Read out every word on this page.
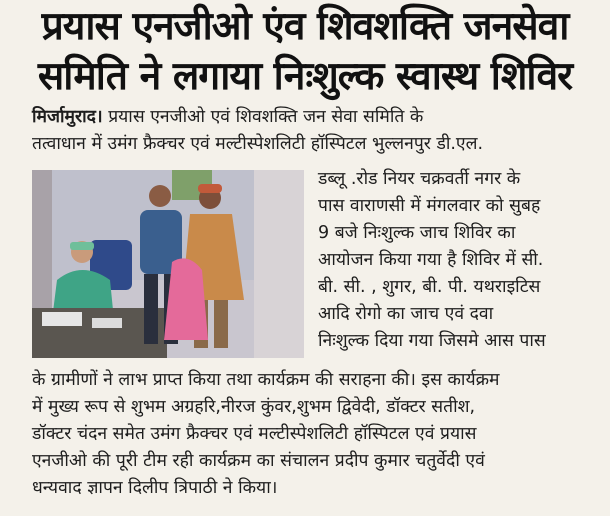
प्रयास एनजीओ एंव शिवशक्ति जनसेवा
समिति ने लगाया निःशुल्क स्वास्थ शिविर
मिर्जामुराद। प्रयास एनजीओ एवं शिवशक्ति जन सेवा समिति के
तत्वाधान में उमंग फ्रैक्चर एवं मल्टीस्पेशलिटी हॉस्पिटल भुल्लनपुर डी.एल.
डब्लू .रोड नियर चक्रवर्ती नगर के
पास वाराणसी में मंगलवार को सुबह
9 बजे निःशुल्क जाच शिविर का
आयोजन किया गया है शिविर में सी.
बी. सी. , शुगर, बी. पी. यथराइटिस
आदि रोगो का जाच एवं दवा
निःशुल्क दिया गया जिसमे आस पास
के ग्रामीणों ने लाभ प्राप्त किया तथा कार्यक्रम की सराहना की। इस कार्यक्रम
में मुख्य रूप से शुभम अग्रहरि,नीरज कुंवर,शुभम द्विवेदी, डॉक्टर सतीश,
डॉक्टर चंदन समेत उमंग फ्रैक्चर एवं मल्टीस्पेशलिटी हॉस्पिटल एवं प्रयास
एनजीओ की पूरी टीम रही कार्यक्रम का संचालन प्रदीप कुमार चतुर्वेदी एवं
धन्यवाद ज्ञापन दिलीप त्रिपाठी ने किया।
